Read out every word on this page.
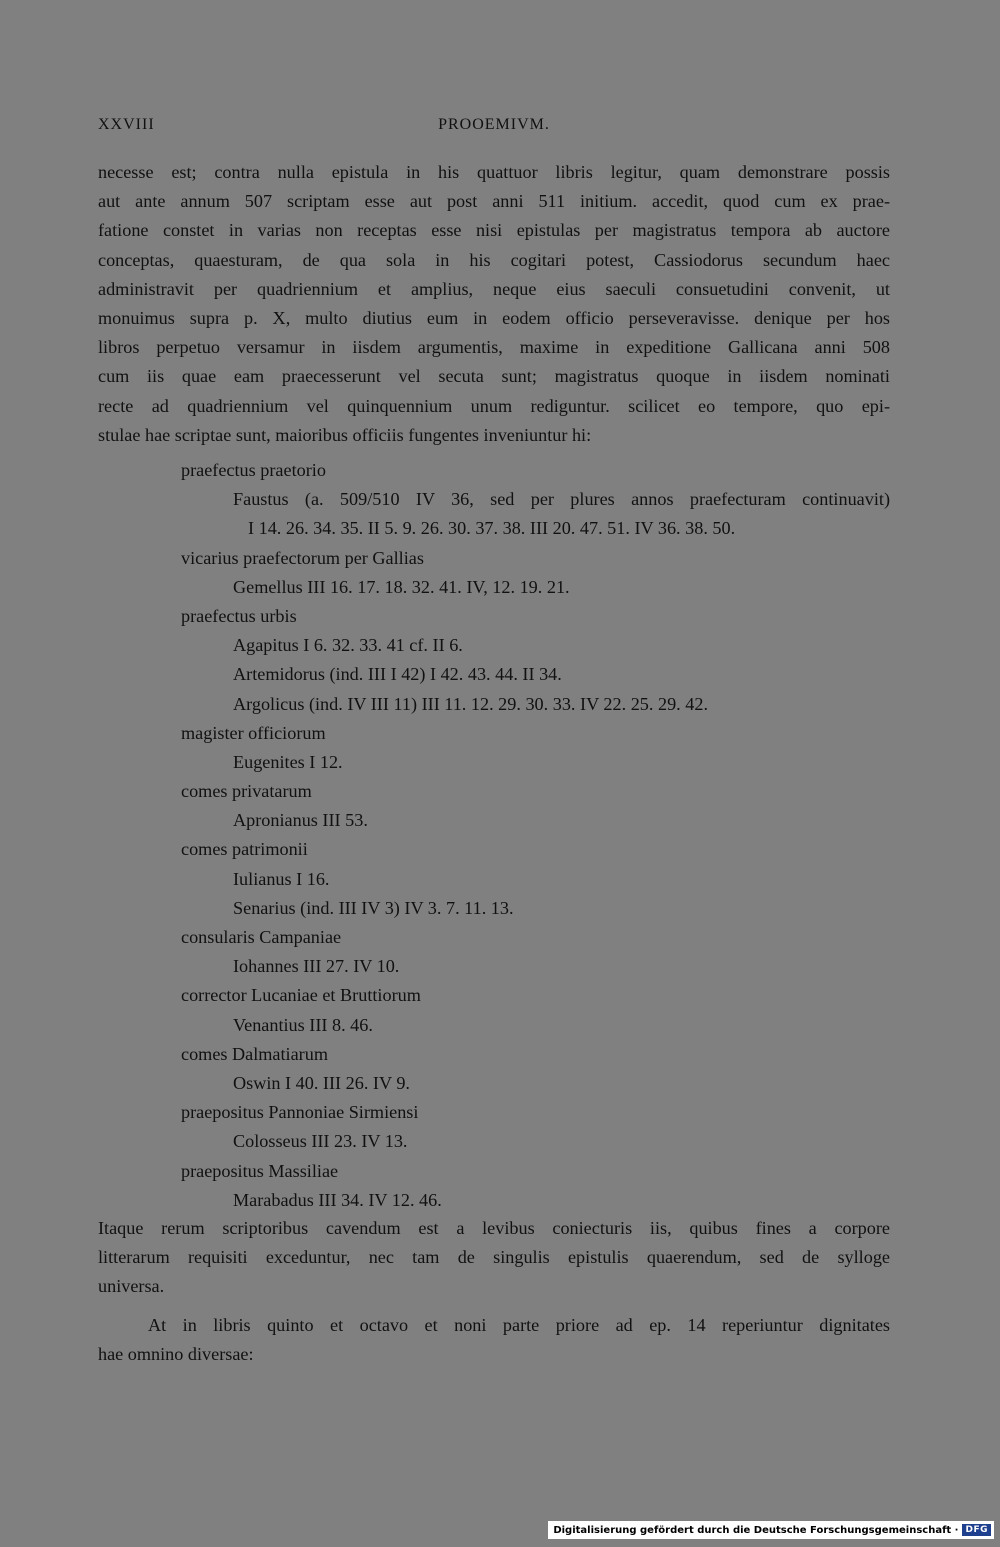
XXVIII	PROOEMIVM.
necesse est; contra nulla epistula in his quattuor libris legitur, quam demonstrare possis
aut ante annum 507 scriptam esse aut post anni 511 initium. accedit, quod cum ex prae-
fatione constet in varias non receptas esse nisi epistulas per magistratus tempora ab auctore
conceptas, quaesturam, de qua sola in his cogitari potest, Cassiodorus secundum haec
administravit per quadriennium et amplius, neque eius saeculi consuetudini convenit, ut
monuimus supra p. X, multo diutius eum in eodem officio perseveravisse. denique per hos
libros perpetuo versamur in iisdem argumentis, maxime in expeditione Gallicana anni 508
cum iis quae eam praecesserunt vel secuta sunt; magistratus quoque in iisdem nominati
recte ad quadriennium vel quinquennium unum rediguntur. scilicet eo tempore, quo epi-
stulae hae scriptae sunt, maioribus officiis fungentes inveniuntur hi:
praefectus praetorio
Faustus (a. 509/510 IV 36, sed per plures annos praefecturam continuavit)
I 14. 26. 34. 35. II 5. 9. 26. 30. 37. 38. III 20. 47. 51. IV 36. 38. 50.
vicarius praefectorum per Gallias
Gemellus III 16. 17. 18. 32. 41. IV, 12. 19. 21.
praefectus urbis
Agapitus I 6. 32. 33. 41 cf. II 6.
Artemidorus (ind. III I 42) I 42. 43. 44. II 34.
Argolicus (ind. IV III 11) III 11. 12. 29. 30. 33. IV 22. 25. 29. 42.
magister officiorum
Eugenites I 12.
comes privatarum
Apronianus III 53.
comes patrimonii
Iulianus I 16.
Senarius (ind. III IV 3) IV 3. 7. 11. 13.
consularis Campaniae
Iohannes III 27. IV 10.
corrector Lucaniae et Bruttiorum
Venantius III 8. 46.
comes Dalmatiarum
Oswin I 40. III 26. IV 9.
praepositus Pannoniae Sirmiensi
Colosseus III 23. IV 13.
praepositus Massiliae
Marabadus III 34. IV 12. 46.
Itaque rerum scriptoribus cavendum est a levibus coniecturis iis, quibus fines a corpore
litterarum requisiti exceduntur, nec tam de singulis epistulis quaerendum, sed de sylloge
universa.
At in libris quinto et octavo et noni parte priore ad ep. 14 reperiuntur dignitates
hae omnino diversae:
Digitalisierung gefördert durch die Deutsche Forschungsgemeinschaft · DFG
